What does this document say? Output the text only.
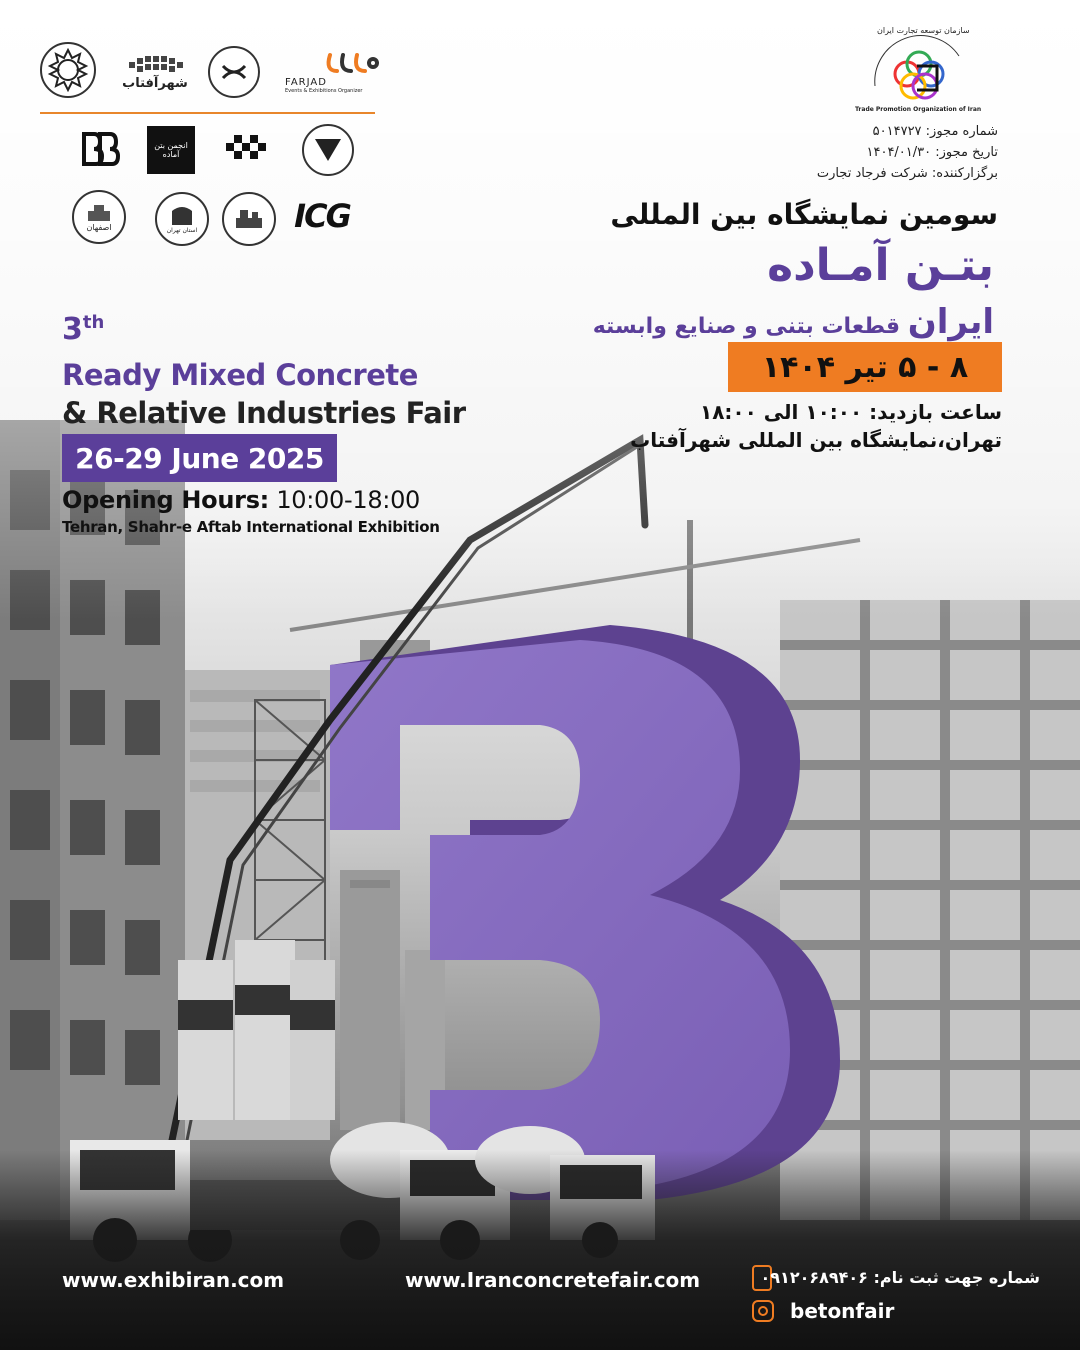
شهرآفتاب	FARJAD
Events & Exhibitions Organizer
انجمن بتن آماده
اصفهان	استان تهران	ICG
سازمان توسعه تجارت ایران
Trade Promotion Organization of Iran
شماره مجوز: ۵۰۱۴۷۲۷
تاریخ مجوز: ۱۴۰۴/۰۱/۳۰
برگزارکننده: شرکت فرجاد تجارت
سومین نمایشگاه بین المللی
بتـن آمـاده
ایران قطعات بتنی و صنایع وابسته
۸ - ۵ تیر ۱۴۰۴
ساعت بازدید: ۱۰:۰۰ الی ۱۸:۰۰
تهران،نمایشگاه بین المللی شهرآفتاب
3th
Ready Mixed Concrete
& Relative Industries Fair
26-29 June 2025
Opening Hours: 10:00-18:00
Tehran, Shahr-e Aftab International Exhibition
www.exhibiran.com	www.Iranconcretefair.com	شماره جهت ثبت نام: ۰۹۱۲۰۶۸۹۴۰۶
betonfair
